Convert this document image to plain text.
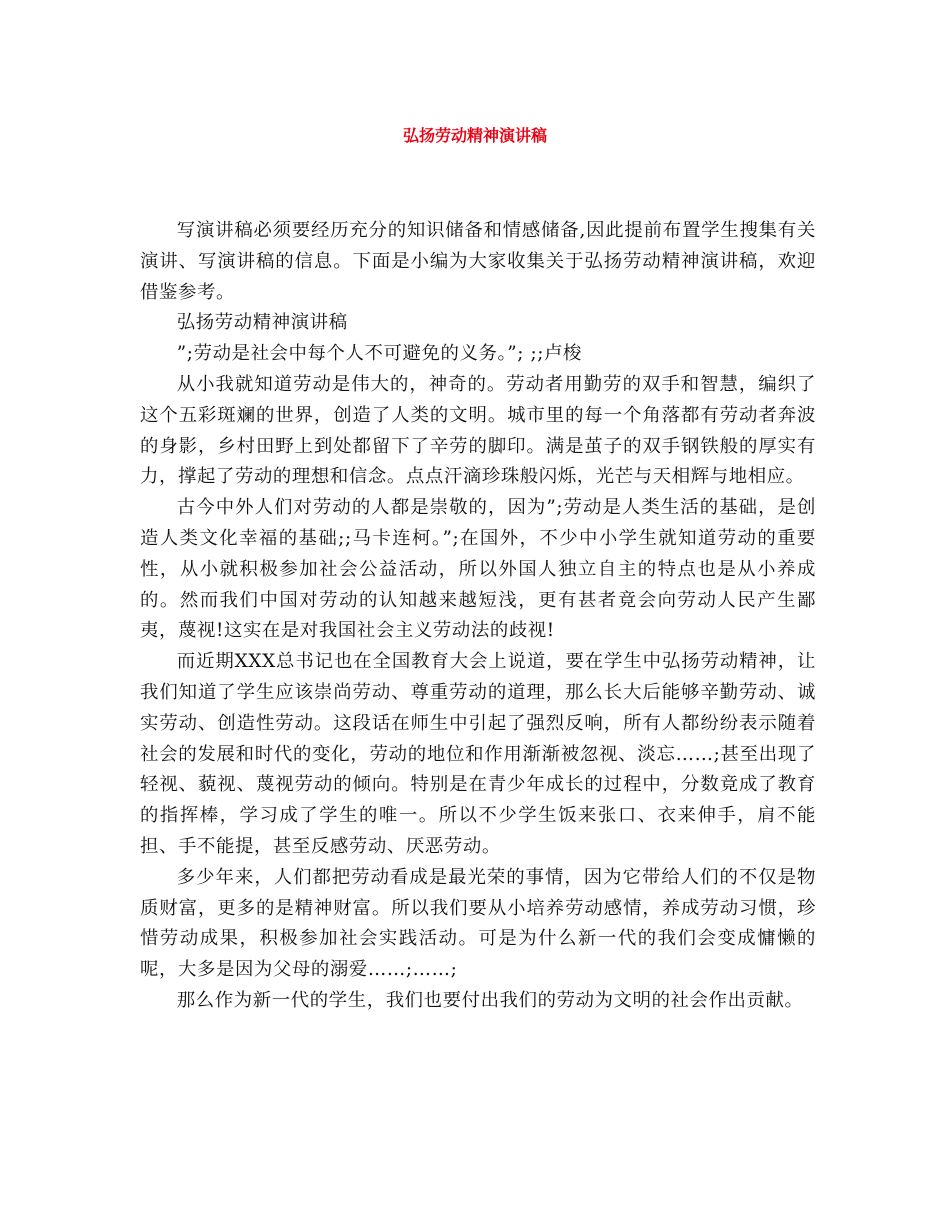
弘扬劳动精神演讲稿

写演讲稿必须要经历充分的知识储备和情感储备,因此提前布置学生搜集有关演讲、写演讲稿的信息。下面是小编为大家收集关于弘扬劳动精神演讲稿，欢迎借鉴参考。

弘扬劳动精神演讲稿

”;劳动是社会中每个人不可避免的义务。”; ;;卢梭

从小我就知道劳动是伟大的，神奇的。劳动者用勤劳的双手和智慧，编织了这个五彩斑斓的世界，创造了人类的文明。城市里的每一个角落都有劳动者奔波的身影，乡村田野上到处都留下了辛劳的脚印。满是茧子的双手钢铁般的厚实有力，撑起了劳动的理想和信念。点点汗滴珍珠般闪烁，光芒与天相辉与地相应。

古今中外人们对劳动的人都是崇敬的，因为”;劳动是人类生活的基础，是创造人类文化幸福的基础;;马卡连柯。”;在国外，不少中小学生就知道劳动的重要性，从小就积极参加社会公益活动，所以外国人独立自主的特点也是从小养成的。然而我们中国对劳动的认知越来越短浅，更有甚者竟会向劳动人民产生鄙夷，蔑视!这实在是对我国社会主义劳动法的歧视!

而近期XXX总书记也在全国教育大会上说道，要在学生中弘扬劳动精神，让我们知道了学生应该崇尚劳动、尊重劳动的道理，那么长大后能够辛勤劳动、诚实劳动、创造性劳动。这段话在师生中引起了强烈反响，所有人都纷纷表示随着社会的发展和时代的变化，劳动的地位和作用渐渐被忽视、淡忘……;甚至出现了轻视、藐视、蔑视劳动的倾向。特别是在青少年成长的过程中，分数竟成了教育的指挥棒，学习成了学生的唯一。所以不少学生饭来张口、衣来伸手，肩不能担、手不能提，甚至反感劳动、厌恶劳动。

多少年来，人们都把劳动看成是最光荣的事情，因为它带给人们的不仅是物质财富，更多的是精神财富。所以我们要从小培养劳动感情，养成劳动习惯，珍惜劳动成果，积极参加社会实践活动。可是为什么新一代的我们会变成慵懒的呢，大多是因为父母的溺爱……;……;

那么作为新一代的学生，我们也要付出我们的劳动为文明的社会作出贡献。
